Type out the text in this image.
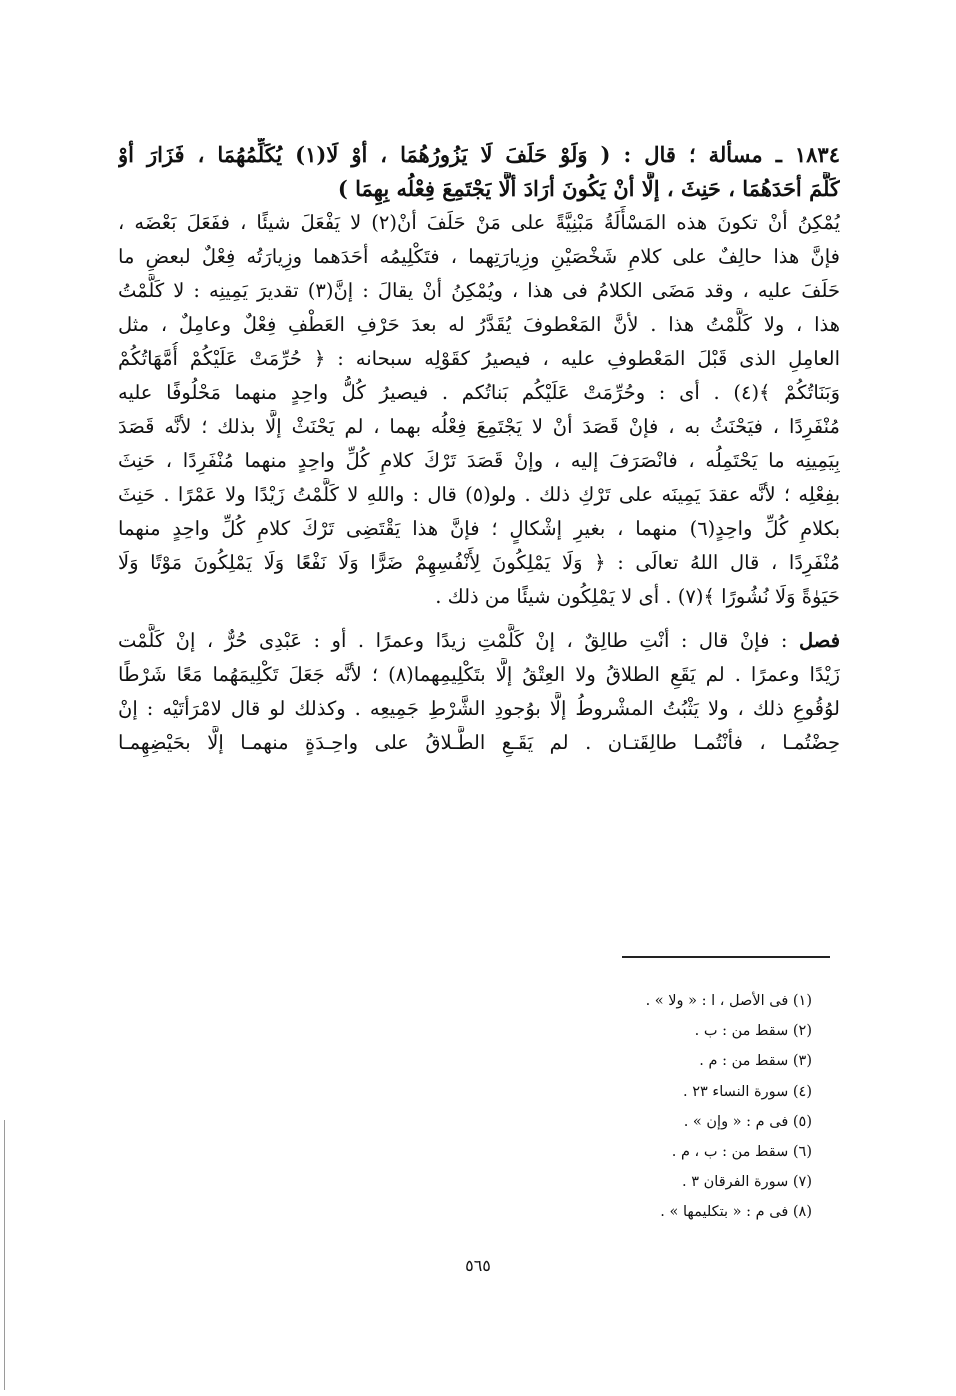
١٨٣٤ ـ مسألة ؛ قال : ( وَلَوْ حَلَفَ لَا يَزُورُهُمَا ، أوْ لَا(١) يُكَلِّمُهُمَا ، فَزَارَ أوْ
كَلَّمَ أحَدَهُمَا ، حَنِثَ ، إلَّا أنْ يَكُونَ أرَادَ ألَّا يَجْتَمِعَ فِعْلُه بِهِمَا )
يُمْكِنُ أنْ تكونَ هذه المَسْأَلَةُ مَبْنِيَّةً على مَنْ حَلَفَ أنْ(٢) لا يَفْعَلَ شيئًا ، ففَعَلَ بَعْضَه ،
فإنَّ هذا حالِفٌ على كلامِ شَخْصَيْنِ وزِيارَتِهما ، فتَكْلِيمُه أحَدَهما وزِيارَتُه فِعْلٌ لبعضِ ما
حَلَفَ عليه ، وقد مَضَى الكلامُ فى هذا ، ويُمْكِنُ أنْ يقالَ : إنَّ(٣) تقديرَ يَمِينِه : لا كَلَّمْتُ
هذا ، ولا كَلَّمْتُ هذا . لأنَّ المَعْطوفَ يُقَدَّرُ له بعدَ حَرْفِ العَطْفِ فِعْلٌ وعامِلٌ ، مثل
العامِلِ الذى قَبْلَ المَعْطوفِ عليه ، فيصيرُ كقَوْلِه سبحانه : ﴿ حُرِّمَتْ عَلَيْكُمْ أُمَّهَاتُكُمْ
وَبَنَاتُكُمْ ﴾(٤) . أى : وحُرِّمَتْ عَلَيْكُم بَناتُكم . فيصيرُ كُلُّ واحِدٍ منهما مَحْلُوفًا عليه
مُنْفَرِدًا ، فيَحْنَثُ به ، فإنْ قَصَدَ أنْ لا يَجْتَمِعَ فِعْلُه بهما ، لم يَحْنَثْ إلَّا بذلك ؛ لأنَّه قَصَدَ
بِيَمِينِه ما يَحْتَمِلُه ، فانْصَرَفَ إليه ، وإنْ قَصَدَ تَرْكَ كلامِ كُلِّ واحِدٍ منهما مُنْفَرِدًا ، حَنِثَ
بفِعْلِه ؛ لأنَّه عقدَ يَمِينَه على تَرْكِ ذلك . ولو(٥) قال : واللهِ لا كَلَّمْتُ زَيْدًا ولا عَمْرًا . حَنِثَ
بكلامِ كُلِّ واحِدٍ(٦) منهما ، بغيرِ إشْكالٍ ؛ فإنَّ هذا يَقْتَضِى تَرْكَ كلامِ كُلِّ واحِدٍ منهما
مُنْفَرِدًا ، قال اللهُ تعالَى : ﴿ وَلَا يَمْلِكُونَ لِأَنْفُسِهِمْ ضَرًّا وَلَا نَفْعًا وَلَا يَمْلِكُونَ مَوْتًا وَلَا
حَيَوٰةً وَلَا نُشُورًا ﴾(٧) . أى لا يَمْلِكُون شيئًا من ذلك .
فصل : فإنْ قال : أنْتِ طالِقٌ ، إنْ كَلَّمْتِ زيدًا وعمرًا . أو : عَبْدِى حُرٌّ ، إنْ كَلَّمْت
زَيْدًا وعمرًا . لم يَقَعِ الطلاقُ ولا العِتْقُ إلَّا بتَكْلِيمِهما(٨) ؛ لأنَّه جَعَلَ تَكْلِيمَهُما مَعًا شَرْطًا
لوُقُوعِ ذلك ، ولا يَثْبُتُ المشْروطُ إلَّا بوُجودِ الشَّرْطِ جَمِيعِه . وكذلك لو قال لامْرَأتَيْه : إنْ
حِضْتُمـا ، فأنْتُمـا طالِقَتـان . لم يَقَـعِ الطَّـلاقُ على واحِـدَةٍ منهمـا إلَّا بحَيْضِهِمـا
(١) فى الأصل ، ا : « ولا » .
(٢) سقط من : ب .
(٣) سقط من : م .
(٤) سورة النساء ٢٣ .
(٥) فى م : « وإن » .
(٦) سقط من : ب ، م .
(٧) سورة الفرقان ٣ .
(٨) فى م : « بتكليمها » .
٥٦٥
